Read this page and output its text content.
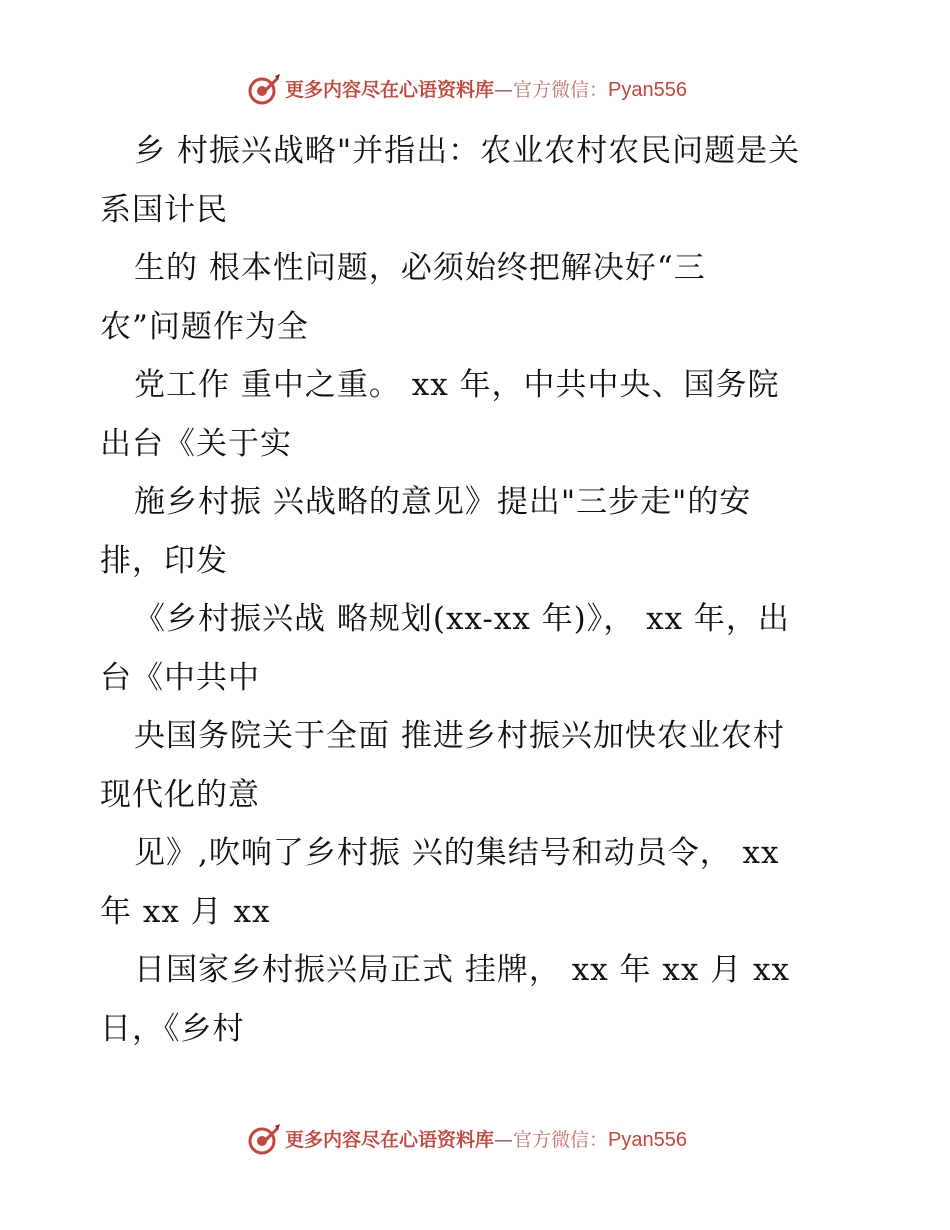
更多内容尽在心语资料库—官方微信：Pyan556
乡 村振兴战略"并指出：农业农村农民问题是关
系国计民
生的 根本性问题，必须始终把解决好“三
农”问题作为全
党工作 重中之重。 xx 年，中共中央、国务院
出台《关于实
施乡村振 兴战略的意见》提出"三步走"的安
排，印发
《乡村振兴战 略规划(xx-xx 年)》， xx 年，出
台《中共中
央国务院关于全面 推进乡村振兴加快农业农村
现代化的意
见》,吹响了乡村振 兴的集结号和动员令， xx
年 xx 月 xx
日国家乡村振兴局正式 挂牌， xx 年 xx 月 xx
日，《乡村
更多内容尽在心语资料库—官方微信：Pyan556
